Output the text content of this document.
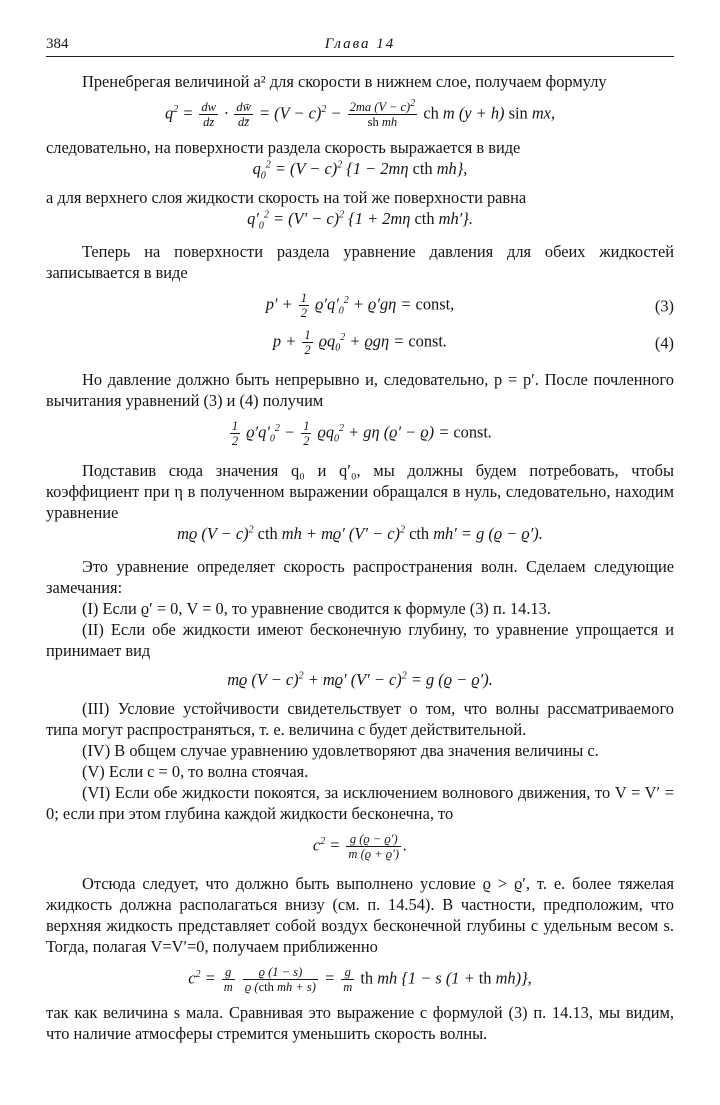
384	Глава 14

Пренебрегая величиной a² для скорости в нижнем слое, получаем формулу

$q^2 = \frac{dw}{dz} \cdot \frac{dw̄}{dz̄} = (V - c)^2 - \frac{2ma (V - c)^2}{\text{sh mh}}$ ch m (y + h) sin mx,

следовательно, на поверхности раздела скорость выражается в виде

$q_0^2 = (V - c)^2$ {1 − 2mη cth mh},

а для верхнего слоя жидкости скорость на той же поверхности равна

$q'_0^2 = (V' - c)^2$ {1 + 2mη cth mh′}.

Теперь на поверхности раздела уравнение давления для обеих жидкостей записывается в виде

$p' + \frac{1}{2} ϱ'q'_0^2 + ϱ'g\eta$ = const,	(3)
$p + \frac{1}{2} ϱq_0^2 + ϱg\eta$ = const.	(4)

Но давление должно быть непрерывно и, следовательно, p = p′. После почленного вычитания уравнений (3) и (4) получим

$\frac{1}{2} ϱ'q'_0^2 - \frac{1}{2} ϱq_0^2 + g\eta$ (ϱ′ − ϱ) = const.

Подставив сюда значения q₀ и q′₀, мы должны будем потребовать, чтобы коэффициент при η в полученном выражении обращался в нуль, следовательно, находим уравнение

mϱ $(V - c)^2$ cth mh + mϱ′ $(V' - c)^2$ cth mh′ = g (ϱ − ϱ′).

Это уравнение определяет скорость распространения волн. Сделаем следующие замечания:

(I) Если ϱ′ = 0, V = 0, то уравнение сводится к формуле (3) п. 14.13.

(II) Если обе жидкости имеют бесконечную глубину, то уравнение упрощается и принимает вид

mϱ $(V - c)^2 + mϱ'$ $(V' - c)^2 = g$ (ϱ − ϱ′).

(III) Условие устойчивости свидетельствует о том, что волны рассматриваемого типа могут распространяться, т. е. величина c будет действительной.

(IV) В общем случае уравнению удовлетворяют два значения величины c.

(V) Если c = 0, то волна стоячая.

(VI) Если обе жидкости покоятся, за исключением волнового движения, то V = V′ = 0; если при этом глубина каждой жидкости бесконечна, то

$c^2 = \frac{g (ϱ - ϱ')}{m (ϱ + ϱ')}$ .

Отсюда следует, что должно быть выполнено условие ϱ > ϱ′, т. е. более тяжелая жидкость должна располагаться внизу (см. п. 14.54). В частности, предположим, что верхняя жидкость представляет собой воздух бесконечной глубины с удельным весом s. Тогда, полагая V=V′=0, получаем приближенно

$c^2 = \frac{g}{m}$
$\frac{ϱ (1 - s)}{\text{ϱ (cth mh + s)}} = \frac{g}{m}$ th mh {1 − s (1 + th mh)},

так как величина s мала. Сравнивая это выражение с формулой (3) п. 14.13, мы видим, что наличие атмосферы стремится уменьшить скорость волны.
